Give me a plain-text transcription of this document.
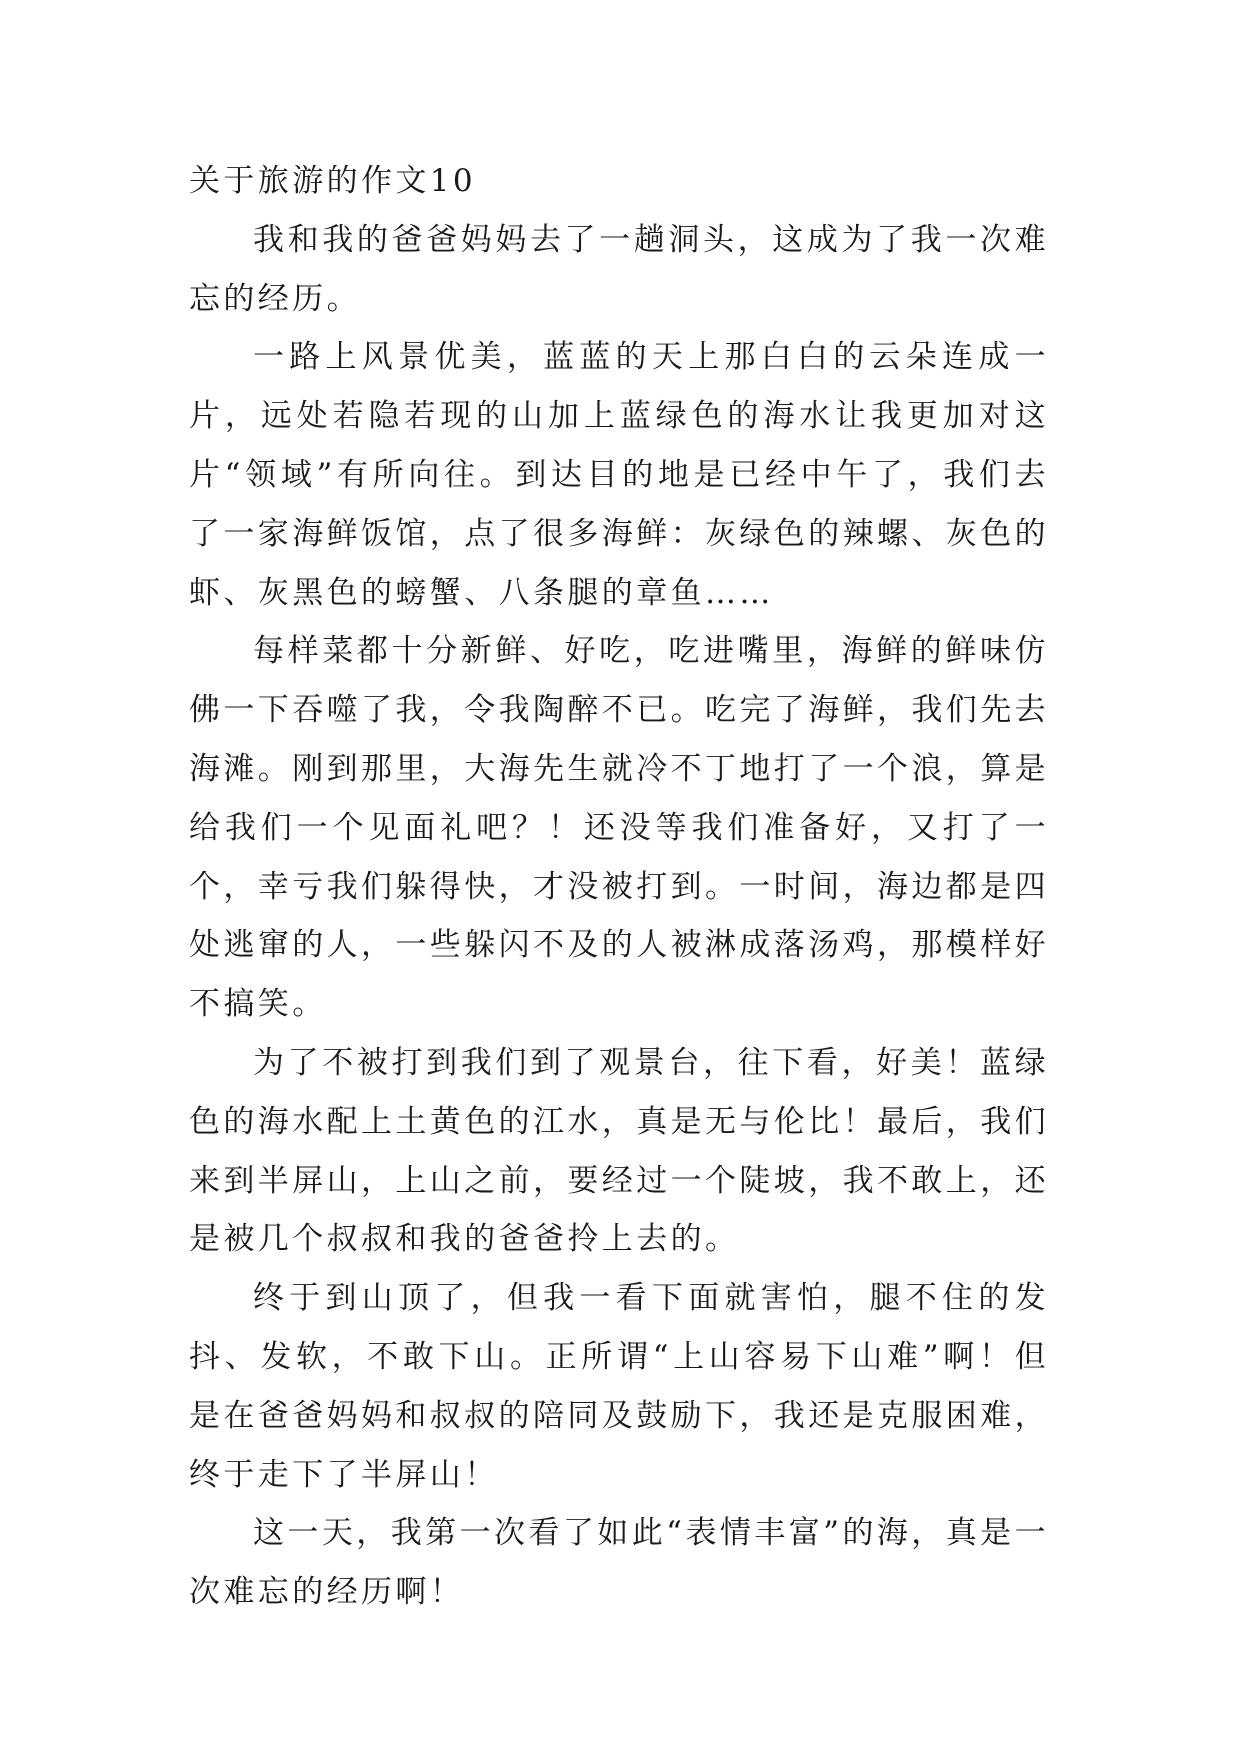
关于旅游的作文10

我和我的爸爸妈妈去了一趟洞头，这成为了我一次难忘的经历。

一路上风景优美，蓝蓝的天上那白白的云朵连成一片，远处若隐若现的山加上蓝绿色的海水让我更加对这片“领域”有所向往。到达目的地是已经中午了，我们去了一家海鲜饭馆，点了很多海鲜：灰绿色的辣螺、灰色的虾、灰黑色的螃蟹、八条腿的章鱼……

每样菜都十分新鲜、好吃，吃进嘴里，海鲜的鲜味仿佛一下吞噬了我，令我陶醉不已。吃完了海鲜，我们先去海滩。刚到那里，大海先生就冷不丁地打了一个浪，算是给我们一个见面礼吧？！还没等我们准备好，又打了一个，幸亏我们躲得快，才没被打到。一时间，海边都是四处逃窜的人，一些躲闪不及的人被淋成落汤鸡，那模样好不搞笑。

为了不被打到我们到了观景台，往下看，好美！蓝绿色的海水配上土黄色的江水，真是无与伦比！最后，我们来到半屏山，上山之前，要经过一个陡坡，我不敢上，还是被几个叔叔和我的爸爸拎上去的。

终于到山顶了，但我一看下面就害怕，腿不住的发抖、发软，不敢下山。正所谓“上山容易下山难”啊！但是在爸爸妈妈和叔叔的陪同及鼓励下，我还是克服困难，终于走下了半屏山！

这一天，我第一次看了如此“表情丰富”的海，真是一次难忘的经历啊！
